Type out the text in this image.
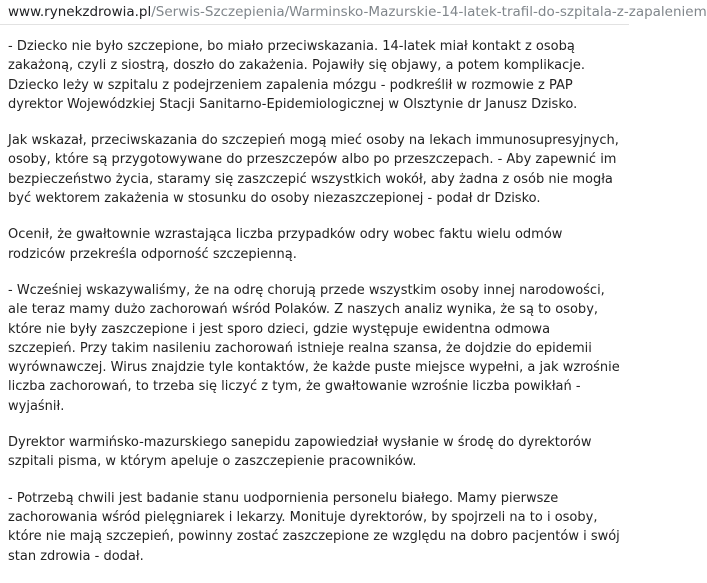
www.rynekzdrowia.pl/Serwis-Szczepienia/Warminsko-Mazurskie-14-latek-trafil-do-szpitala-z-zapaleniem

- Dziecko nie było szczepione, bo miało przeciwskazania. 14-latek miał kontakt z osobą zakażoną, czyli z siostrą, doszło do zakażenia. Pojawiły się objawy, a potem komplikacje. Dziecko leży w szpitalu z podejrzeniem zapalenia mózgu - podkreślił w rozmowie z PAP dyrektor Wojewódzkiej Stacji Sanitarno-Epidemiologicznej w Olsztynie dr Janusz Dzisko.

Jak wskazał, przeciwskazania do szczepień mogą mieć osoby na lekach immunosupresyjnych, osoby, które są przygotowywane do przeszczepów albo po przeszczepach. - Aby zapewnić im bezpieczeństwo życia, staramy się zaszczepić wszystkich wokół, aby żadna z osób nie mogła być wektorem zakażenia w stosunku do osoby niezaszczepionej - podał dr Dzisko.

Ocenił, że gwałtownie wzrastająca liczba przypadków odry wobec faktu wielu odmów rodziców przekreśla odporność szczepienną.

- Wcześniej wskazywaliśmy, że na odrę chorują przede wszystkim osoby innej narodowości, ale teraz mamy dużo zachorowań wśród Polaków. Z naszych analiz wynika, że są to osoby, które nie były zaszczepione i jest sporo dzieci, gdzie występuje ewidentna odmowa szczepień. Przy takim nasileniu zachorowań istnieje realna szansa, że dojdzie do epidemii wyrównawczej. Wirus znajdzie tyle kontaktów, że każde puste miejsce wypełni, a jak wzrośnie liczba zachorowań, to trzeba się liczyć z tym, że gwałtowanie wzrośnie liczba powikłań - wyjaśnił.

Dyrektor warmińsko-mazurskiego sanepidu zapowiedział wysłanie w środę do dyrektorów szpitali pisma, w którym apeluje o zaszczepienie pracowników.

- Potrzebą chwili jest badanie stanu uodpornienia personelu białego. Mamy pierwsze zachorowania wśród pielęgniarek i lekarzy. Monituje dyrektorów, by spojrzeli na to i osoby, które nie mają szczepień, powinny zostać zaszczepione ze względu na dobro pacjentów i swój stan zdrowia - dodał.
